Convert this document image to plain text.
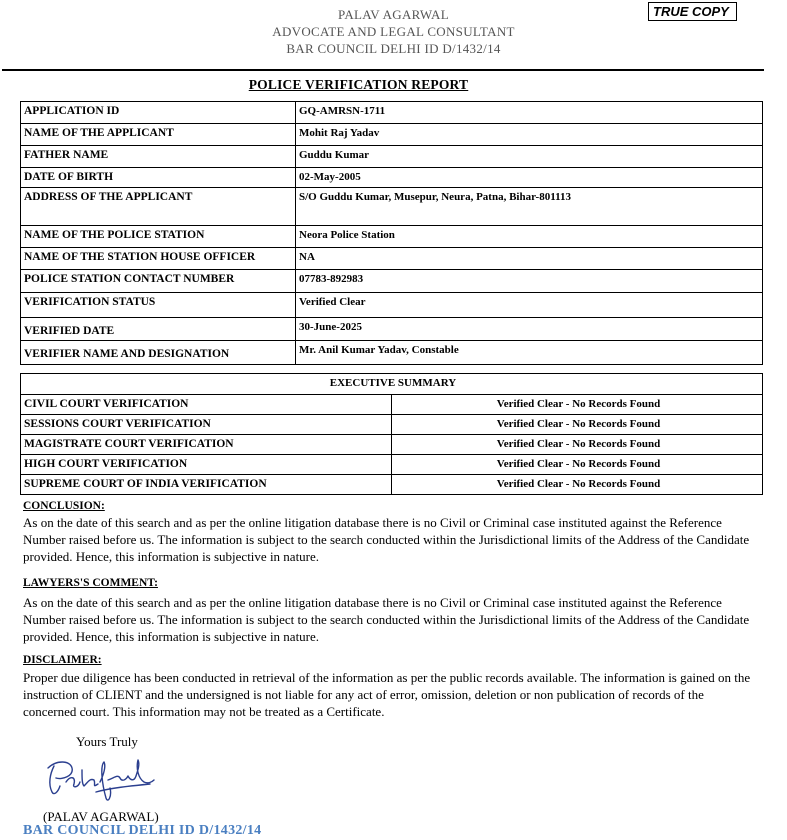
PALAV AGARWAL
ADVOCATE AND LEGAL CONSULTANT
BAR COUNCIL DELHI ID D/1432/14
TRUE COPY
POLICE VERIFICATION REPORT
APPLICATION ID	GQ-AMRSN-1711
NAME OF THE APPLICANT	Mohit Raj Yadav
FATHER NAME	Guddu Kumar
DATE OF BIRTH	02-May-2005
ADDRESS OF THE APPLICANT	S/O Guddu Kumar, Musepur, Neura, Patna, Bihar-801113
NAME OF THE POLICE STATION	Neora Police Station
NAME OF THE STATION HOUSE OFFICER	NA
POLICE STATION CONTACT NUMBER	07783-892983
VERIFICATION STATUS	Verified Clear
VERIFIED DATE	30-June-2025
VERIFIER NAME AND DESIGNATION	Mr. Anil Kumar Yadav, Constable
EXECUTIVE SUMMARY	
CIVIL COURT VERIFICATION	Verified Clear - No Records Found
SESSIONS COURT VERIFICATION	Verified Clear - No Records Found
MAGISTRATE COURT VERIFICATION	Verified Clear - No Records Found
HIGH COURT VERIFICATION	Verified Clear - No Records Found
SUPREME COURT OF INDIA VERIFICATION	Verified Clear - No Records Found
CONCLUSION:
As on the date of this search and as per the online litigation database there is no Civil or Criminal case instituted against the Reference Number raised before us. The information is subject to the search conducted within the Jurisdictional limits of the Address of the Candidate provided. Hence, this information is subjective in nature.
LAWYERS'S COMMENT:
As on the date of this search and as per the online litigation database there is no Civil or Criminal case instituted against the Reference Number raised before us. The information is subject to the search conducted within the Jurisdictional limits of the Address of the Candidate provided. Hence, this information is subjective in nature.
DISCLAIMER:
Proper due diligence has been conducted in retrieval of the information as per the public records available. The information is gained on the instruction of CLIENT and the undersigned is not liable for any act of error, omission, deletion or non publication of records of the concerned court. This information may not be treated as a Certificate.
Yours Truly
(PALAV AGARWAL)
BAR COUNCIL DELHI ID D/1432/14
